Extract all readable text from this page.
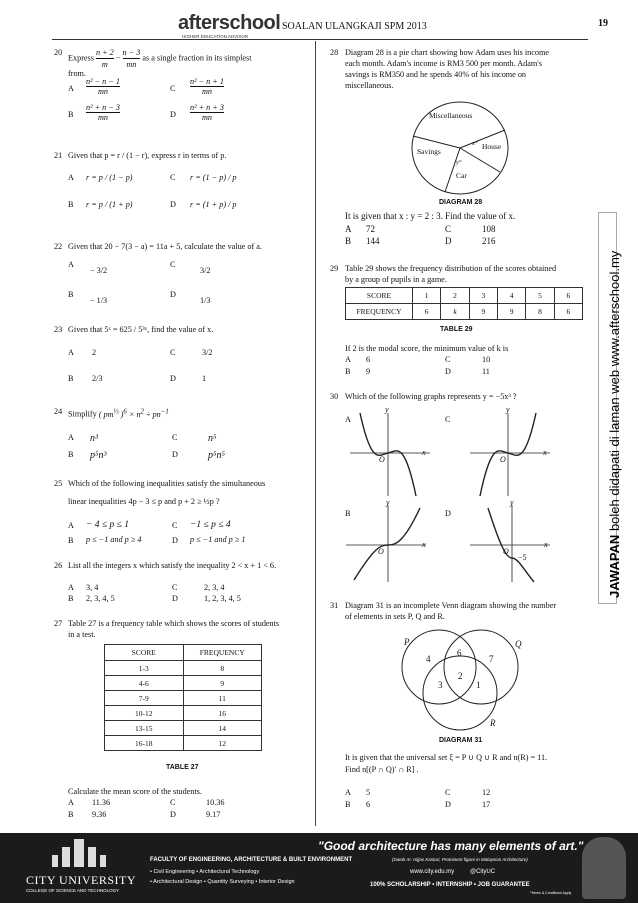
afterschool
HIGHER EDUCATION ADVISOR
SOALAN ULANGKAJI SPM 2013	19
JAWAPAN boleh didapati di laman web www.afterschool.my
20
Express $\frac{n + 2}{m} - \frac{n - 3}{mn}$ as a single fraction in its simplest
from.
A $\frac{\text{n² − n − 1}}{mn}$	C $\frac{\text{n² − n + 1}}{mn}$
B $\frac{\text{n² + n − 3}}{mn}$	D $\frac{\text{n² + n + 3}}{mn}$
21 Given that p = r / (1 − r), express r in terms of p.
A r = p / (1 − p)	C r = (1 − p) / p
B r = p / (1 + p)	D r = (1 + p) / p
22 Given that 20 − 7(3 − a) = 11a + 5, calculate the value of a.
A
− 3/2
C
3/2
B
− 1/3
D
1/3
23 Given that 5ˣ = 625 / 5³ˣ, find the value of x.
A 2	C	3/2
B 2/3	D	1
24 Simplify ( $pm^{\frac{1}{3}}$ )$^6 \times n^2 \div pn^{-1}$
A n³	C	n⁵
B p⁵n³	D	p⁵n⁵
25 Which of the following inequalities satisfy the simultaneous
linear inequalities 4p − 3 ≤ p and p + 2 ≥ ½p ?
A − 4 ≤ p ≤ 1	C −1 ≤ p ≤ 4
B p ≤ −1 and p ≥ 4	D p ≤ −1 and p ≥ 1
26 List all the integers x which satisfy the inequality 2 < x + 1 < 6.
A 3, 4	C	2, 3, 4
B 2, 3, 4, 5	D	1, 2, 3, 4, 5
27 Table 27 is a frequency table which shows the scores of students
in a test.
SCORE	FREQUENCY
1-3	8
4-6	9
7-9	11
10-12	16
13-15	14
16-18	12
TABLE 27
Calculate the mean score of the students.
A 11.36	C	10.36
B 9.36	D	9.17
28 Diagram 28 is a pie chart showing how Adam uses his income
each month. Adam's income is RM3 500 per month. Adam's
savings is RM350 and he spends 40% of his income on
miscellaneous.
Miscellaneous
Savings
House
Car
x°
y°
DIAGRAM 28
It is given that x : y = 2 : 3. Find the value of x.
A 72	C	108
B 144	D	216
29 Table 29 shows the frequency distribution of the scores obtained
by a group of pupils in a game.
SCORE	1	2	3	4	5	6
FREQUENCY	6	k	9	9	8	6
TABLE 29
If 2 is the modal score, the minimum value of k is
A 6	C	10
B 9	D	11
30 Which of the following graphs represents y = −5x³ ?
A	C
B	D
y
x
O
y
x
O
y
x
O
y
x
O
−5
31 Diagram 31 is an incomplete Venn diagram showing the number
of elements in sets P, Q and R.
P	Q
R
4
6
7
2
3	1
DIAGRAM 31
It is given that the universal set ξ = P ∪ Q ∪ R and n(R) = 11.
Find n[(P ∩ Q)′ ∩ R] .
A 5	C	12
B 6	D	17
CITY UNIVERSITY
COLLEGE OF SCIENCE AND TECHNOLOGY
"Good architecture has many elements of art."
(Datuk Ar. Hijjas Kasturi, Prominent figure in Malaysian Architecture)
FACULTY OF ENGINEERING, ARCHITECTURE & BUILT ENVIRONMENT
• Civil Engineering • Architectural Technology
• Architectural Design • Quantity Surveying • Interior Design
www.city.edu.my	@CityUC
100% SCHOLARSHIP • INTERNSHIP • JOB GUARANTEE
*Terms & Conditions Apply
